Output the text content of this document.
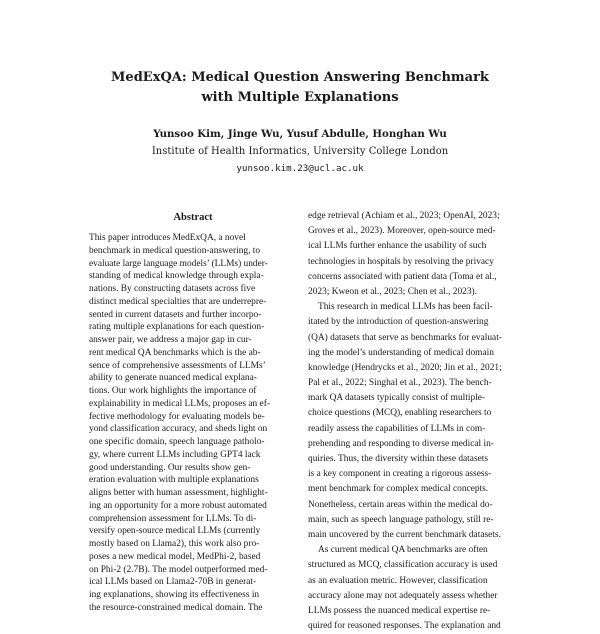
MedExQA: Medical Question Answering Benchmark
with Multiple Explanations
Yunsoo Kim, Jinge Wu, Yusuf Abdulle, Honghan Wu
Institute of Health Informatics, University College London
yunsoo.kim.23@ucl.ac.uk
Abstract
This paper introduces MedExQA, a novel
benchmark in medical question-answering, to
evaluate large language models’ (LLMs) under-
standing of medical knowledge through expla-
nations. By constructing datasets across five
distinct medical specialties that are underrepre-
sented in current datasets and further incorpo-
rating multiple explanations for each question-
answer pair, we address a major gap in cur-
rent medical QA benchmarks which is the ab-
sence of comprehensive assessments of LLMs’
ability to generate nuanced medical explana-
tions. Our work highlights the importance of
explainability in medical LLMs, proposes an ef-
fective methodology for evaluating models be-
yond classification accuracy, and sheds light on
one specific domain, speech language patholo-
gy, where current LLMs including GPT4 lack
good understanding. Our results show gen-
eration evaluation with multiple explanations
aligns better with human assessment, highlight-
ing an opportunity for a more robust automated
comprehension assessment for LLMs. To di-
versify open-source medical LLMs (currently
mostly based on Llama2), this work also pro-
poses a new medical model, MedPhi-2, based
on Phi-2 (2.7B). The model outperformed med-
ical LLMs based on Llama2-70B in generat-
ing explanations, showing its effectiveness in
the resource-constrained medical domain. The
edge retrieval (Achiam et al., 2023; OpenAI, 2023;
Groves et al., 2023). Moreover, open-source med-
ical LLMs further enhance the usability of such
technologies in hospitals by resolving the privacy
concerns associated with patient data (Toma et al.,
2023; Kweon et al., 2023; Chen et al., 2023).
This research in medical LLMs has been facil-
itated by the introduction of question-answering
(QA) datasets that serve as benchmarks for evaluat-
ing the model’s understanding of medical domain
knowledge (Hendrycks et al., 2020; Jin et al., 2021;
Pal et al., 2022; Singhal et al., 2023). The bench-
mark QA datasets typically consist of multiple-
choice questions (MCQ), enabling researchers to
readily assess the capabilities of LLMs in com-
prehending and responding to diverse medical in-
quiries. Thus, the diversity within these datasets
is a key component in creating a rigorous assess-
ment benchmark for complex medical concepts.
Nonetheless, certain areas within the medical do-
main, such as speech language pathology, still re-
main uncovered by the current benchmark datasets.
As current medical QA benchmarks are often
structured as MCQ, classification accuracy is used
as an evaluation metric. However, classification
accuracy alone may not adequately assess whether
LLMs possess the nuanced medical expertise re-
quired for reasoned responses. The explanation and
